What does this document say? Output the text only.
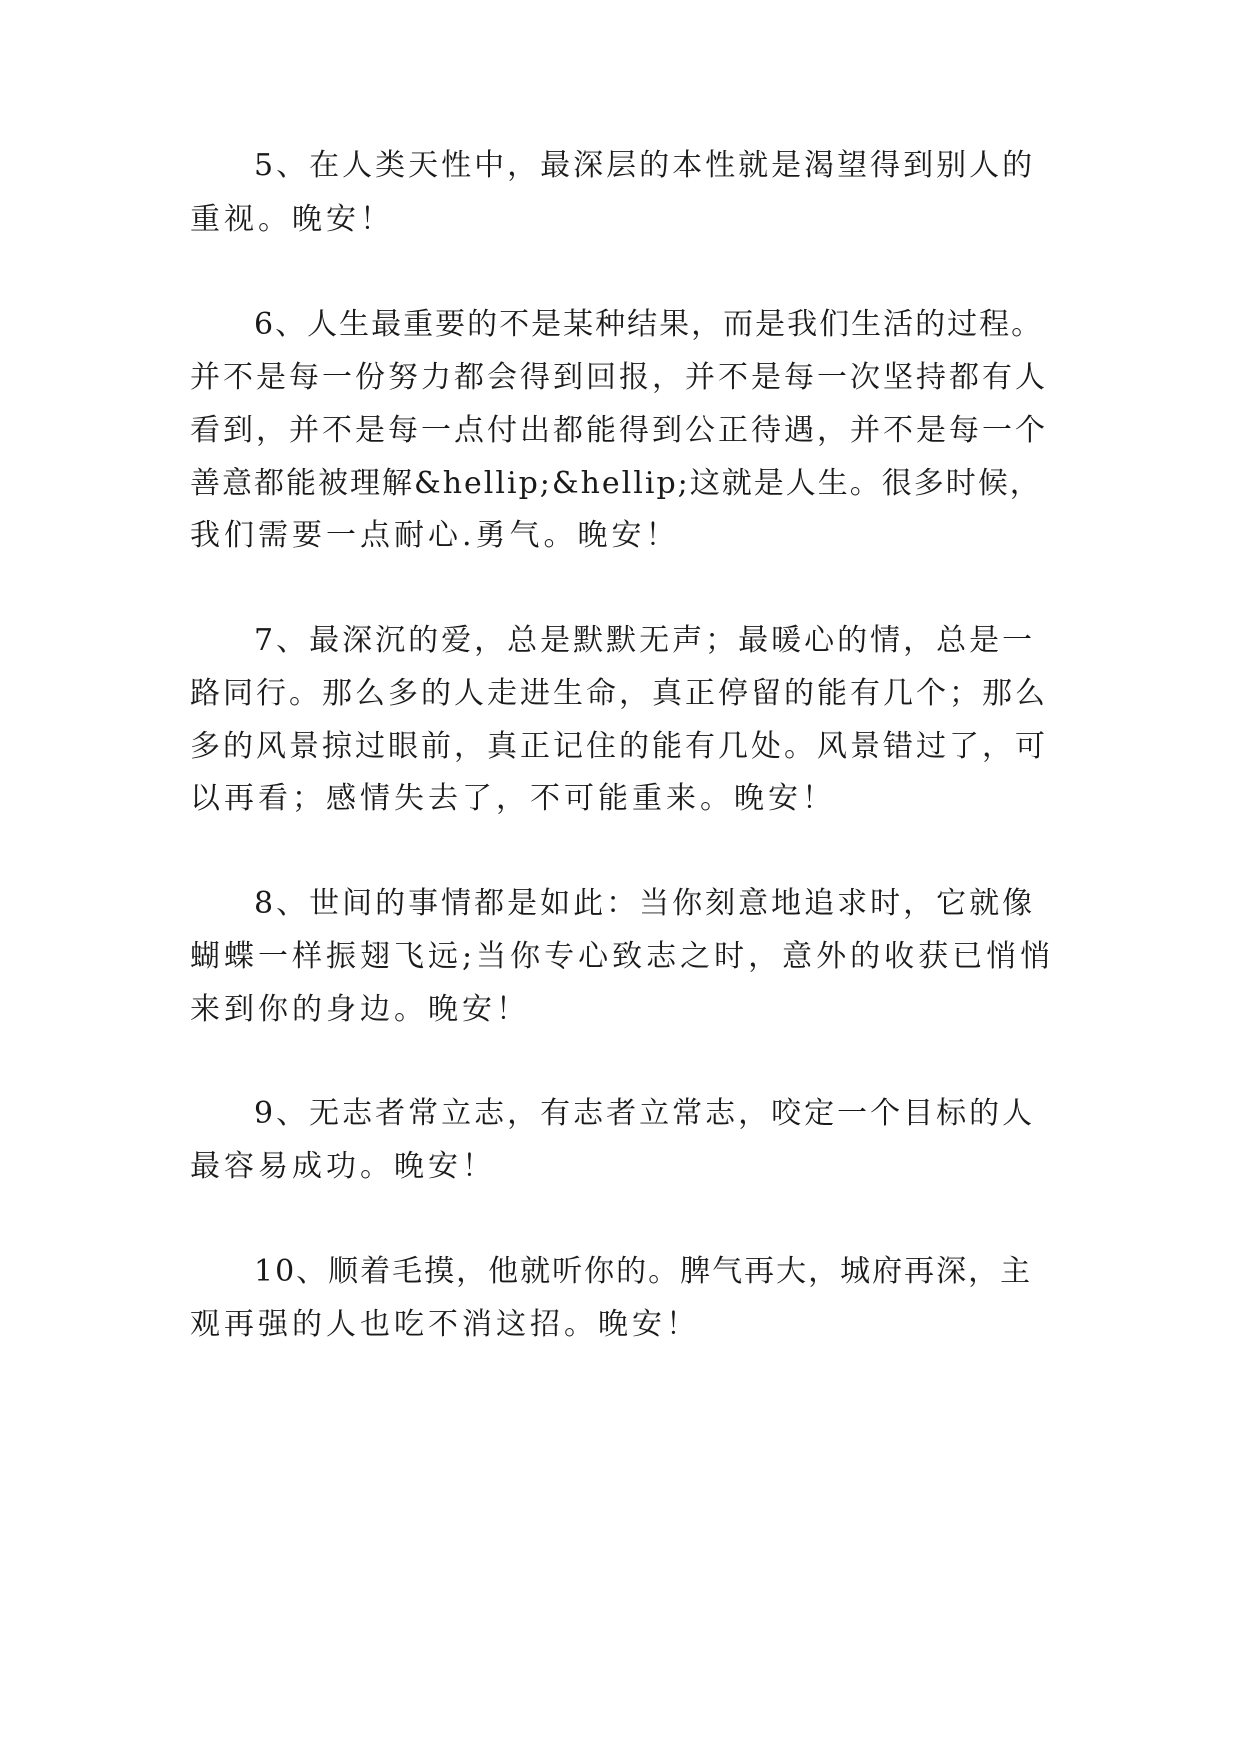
5、在人类天性中，最深层的本性就是渴望得到别人的
重视。晚安！
6、人生最重要的不是某种结果，而是我们生活的过程。
并不是每一份努力都会得到回报，并不是每一次坚持都有人
看到，并不是每一点付出都能得到公正待遇，并不是每一个
善意都能被理解&hellip;&hellip;这就是人生。很多时候，
我们需要一点耐心.勇气。晚安！
7、最深沉的爱，总是默默无声；最暖心的情，总是一
路同行。那么多的人走进生命，真正停留的能有几个；那么
多的风景掠过眼前，真正记住的能有几处。风景错过了，可
以再看；感情失去了，不可能重来。晚安！
8、世间的事情都是如此：当你刻意地追求时，它就像
蝴蝶一样振翅飞远;当你专心致志之时，意外的收获已悄悄
来到你的身边。晚安！
9、无志者常立志，有志者立常志，咬定一个目标的人
最容易成功。晚安！
10、顺着毛摸，他就听你的。脾气再大，城府再深，主
观再强的人也吃不消这招。晚安！
